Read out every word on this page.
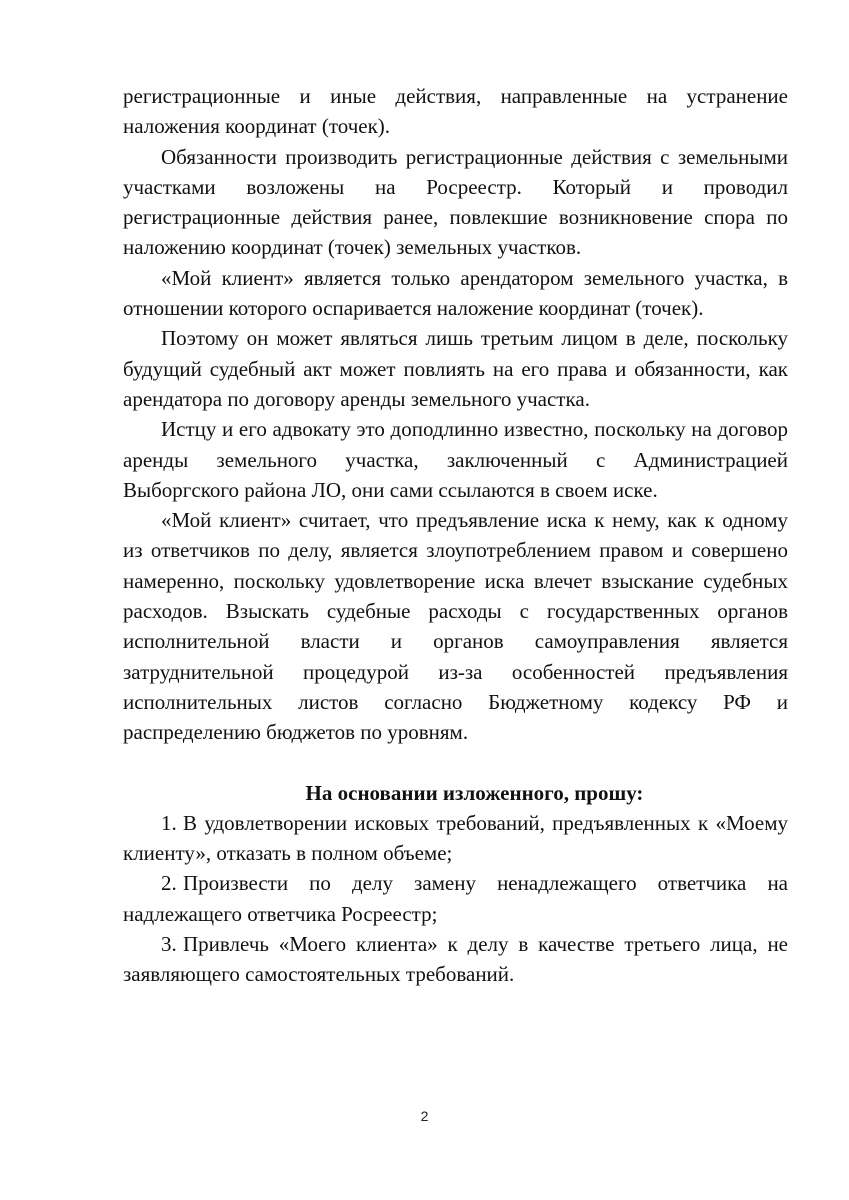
регистрационные и иные действия, направленные на устранение наложения координат (точек).

Обязанности производить регистрационные действия с земельными участками возложены на Росреестр. Который и проводил регистрационные действия ранее, повлекшие возникновение спора по наложению координат (точек) земельных участков.

«Мой клиент» является только арендатором земельного участка, в отношении которого оспаривается наложение координат (точек).

Поэтому он может являться лишь третьим лицом в деле, поскольку будущий судебный акт может повлиять на его права и обязанности, как арендатора по договору аренды земельного участка.

Истцу и его адвокату это доподлинно известно, поскольку на договор аренды земельного участка, заключенный с Администрацией Выборгского района ЛО, они сами ссылаются в своем иске.

«Мой клиент» считает, что предъявление иска к нему, как к одному из ответчиков по делу, является злоупотреблением правом и совершено намеренно, поскольку удовлетворение иска влечет взыскание судебных расходов. Взыскать судебные расходы с государственных органов исполнительной власти и органов самоуправления является затруднительной процедурой из-за особенностей предъявления исполнительных листов согласно Бюджетному кодексу РФ и распределению бюджетов по уровням.

На основании изложенного, прошу:

1. В удовлетворении исковых требований, предъявленных к «Моему клиенту», отказать в полном объеме;

2. Произвести по делу замену ненадлежащего ответчика на надлежащего ответчика Росреестр;

3. Привлечь «Моего клиента» к делу в качестве третьего лица, не заявляющего самостоятельных требований.

2
